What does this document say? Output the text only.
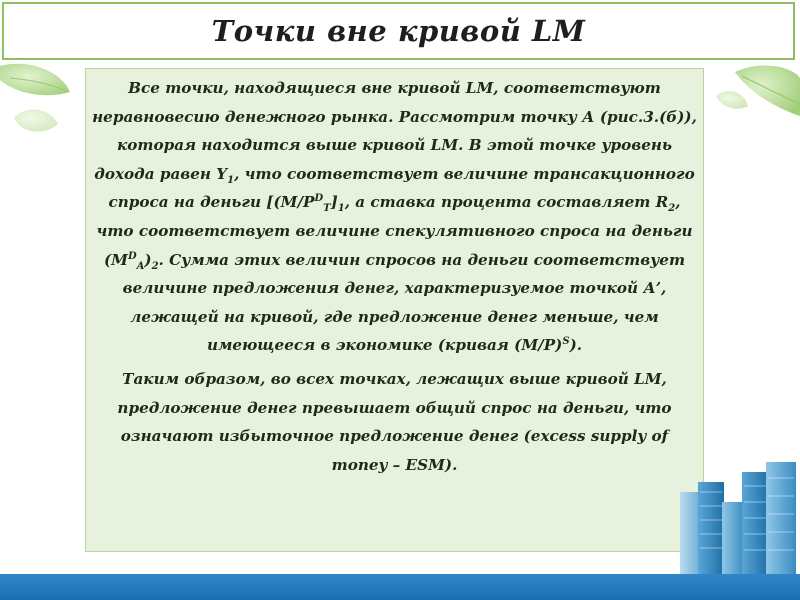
Точки вне кривой LM

Все точки, находящиеся вне кривой LM, соответствуют неравновесию денежного рынка. Рассмотрим точку А (рис.3.(б)), которая находится выше кривой LM. В этой точке уровень дохода равен $Y_1$, что соответствует величине трансакционного спроса на деньги [$(M/P^D_T]_1$, а ставка процента составляет $R_2$, что соответствует величине спекулятивного спроса на деньги $(M^D_A)_2$. Сумма этих величин спросов на деньги соответствует величине предложения денег, характеризуемое точкой А’, лежащей на кривой, где предложение денег меньше, чем имеющееся в экономике (кривая $(M/P)^S$).

Таким образом, во всех точках, лежащих выше кривой LM, предложение денег превышает общий спрос на деньги, что означают избыточное предложение денег (excess supply of money – ESM).
